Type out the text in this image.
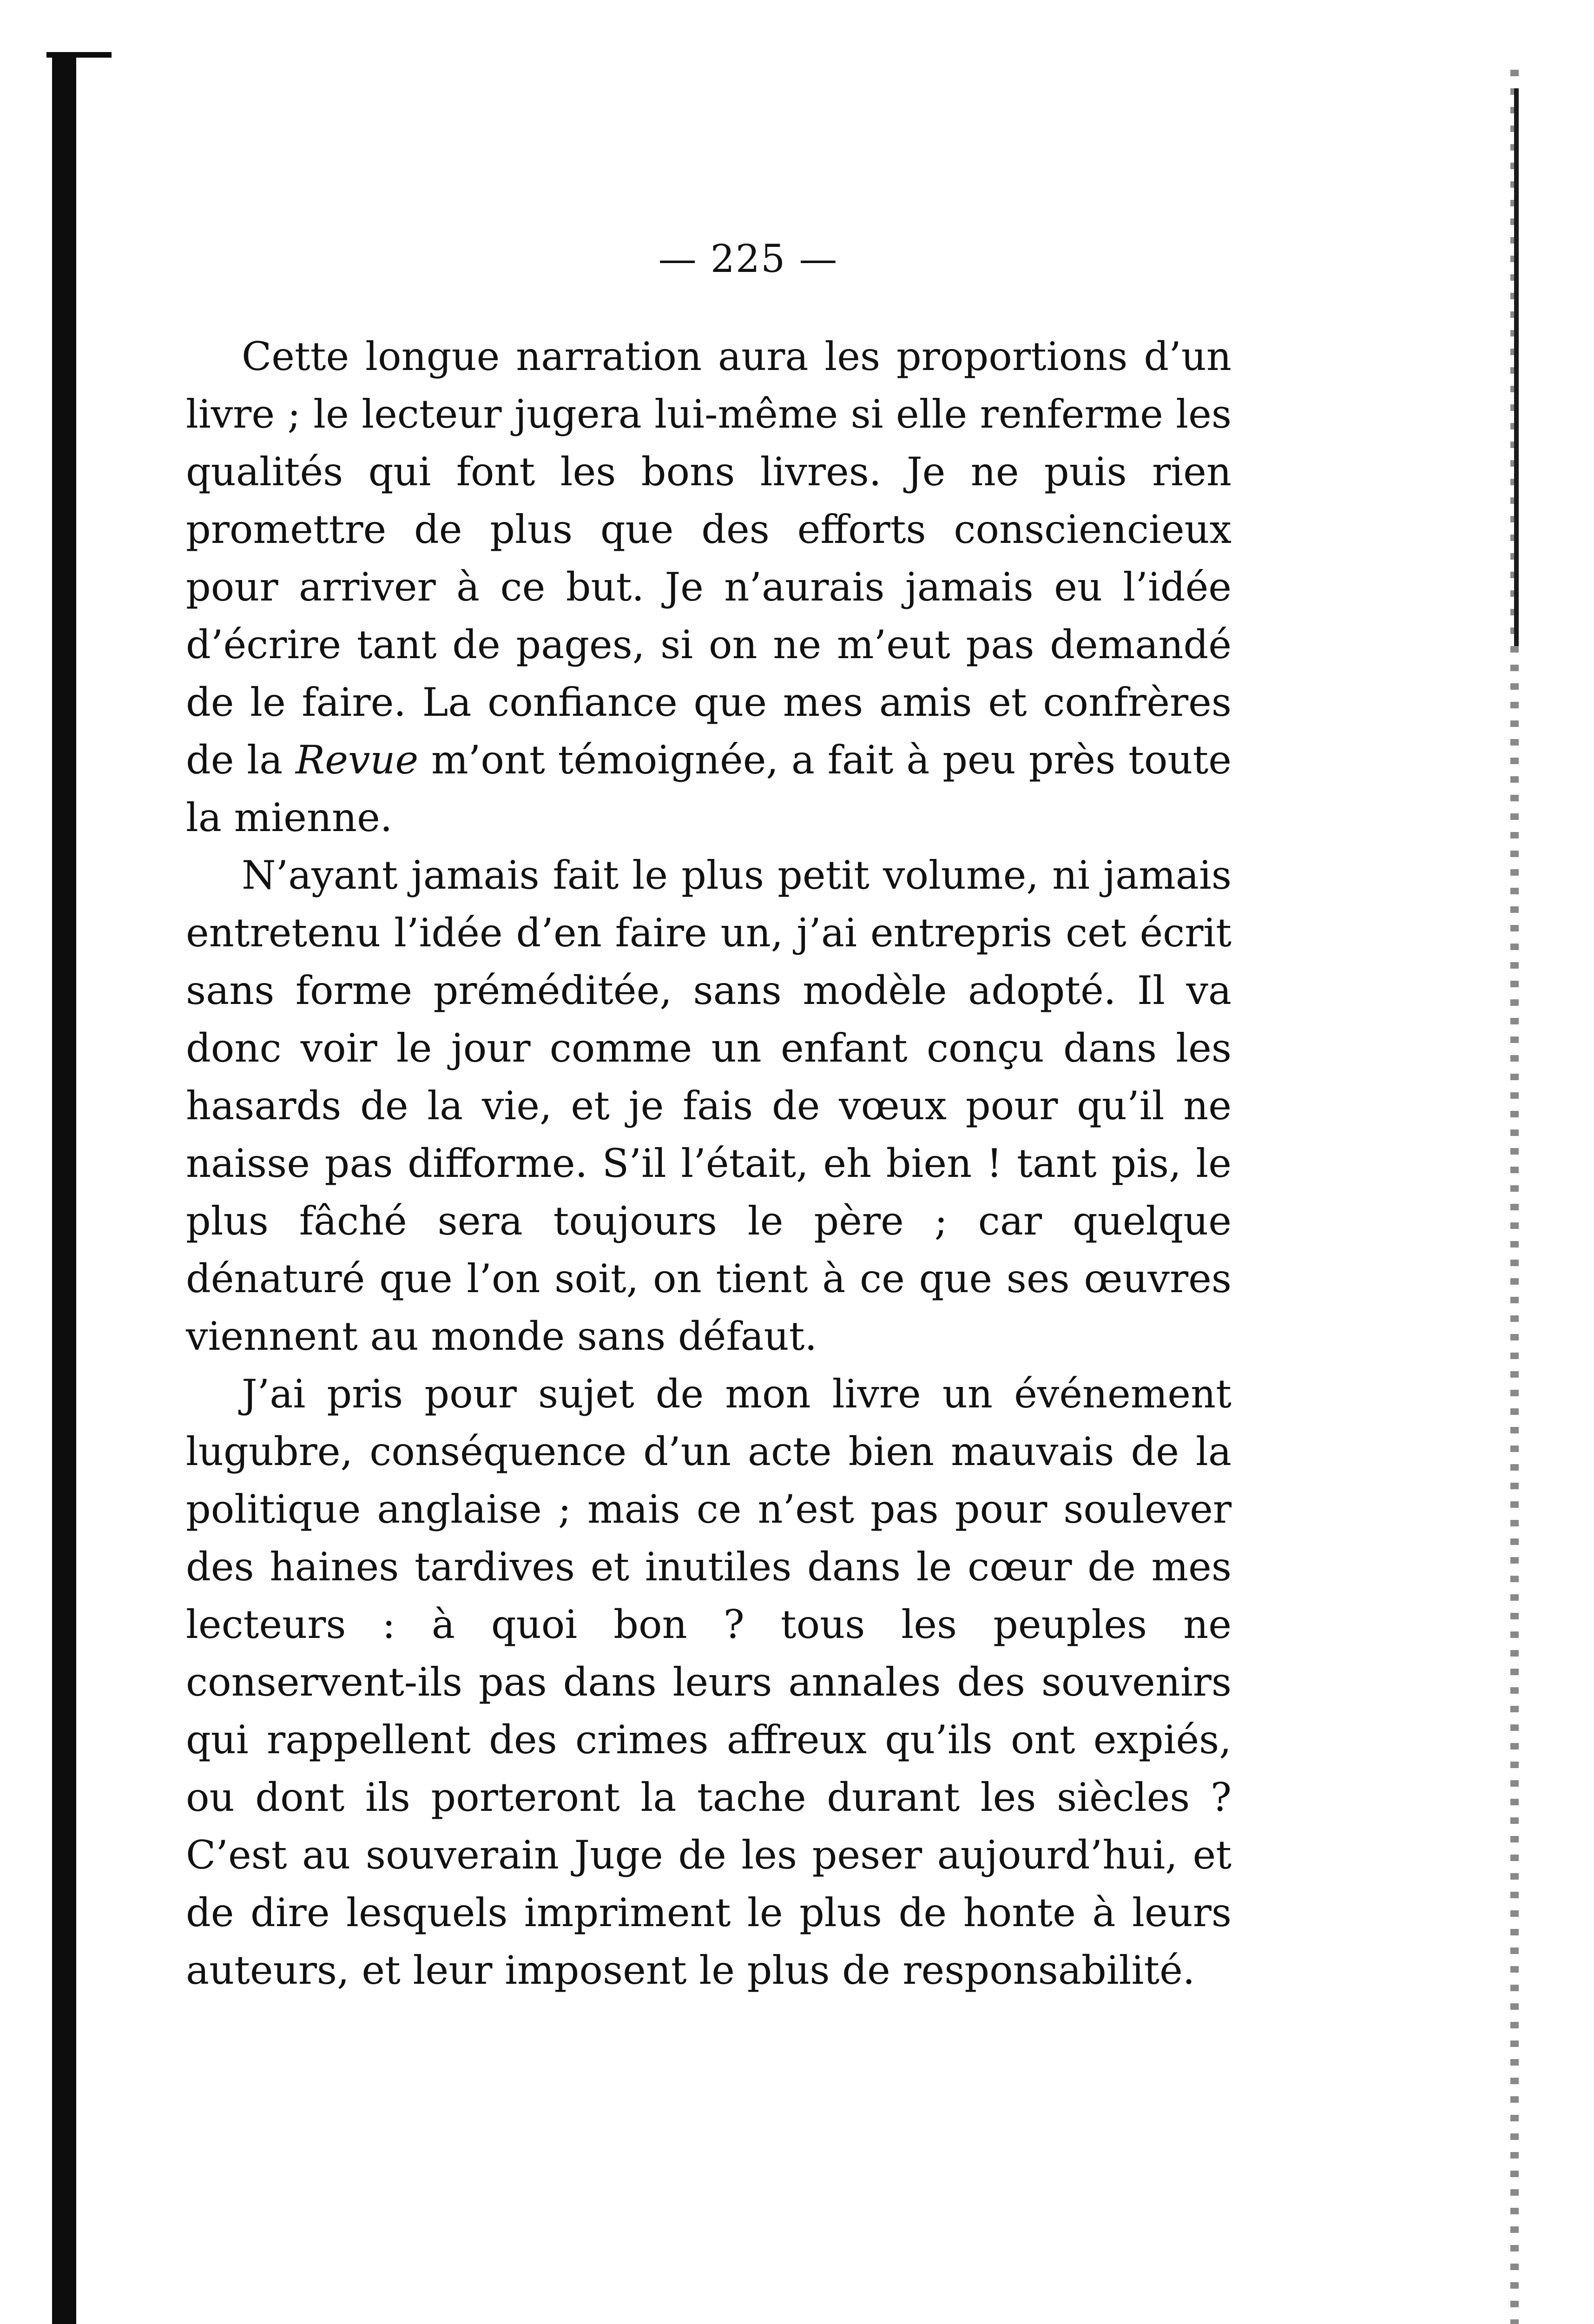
— 225 —

Cette longue narration aura les proportions d’un livre ; le lecteur jugera lui-même si elle renferme les qualités qui font les bons livres. Je ne puis rien promettre de plus que des efforts consciencieux pour arriver à ce but. Je n’aurais jamais eu l’idée d’écrire tant de pages, si on ne m’eut pas demandé de le faire. La confiance que mes amis et confrères de la Revue m’ont témoignée, a fait à peu près toute la mienne.

N’ayant jamais fait le plus petit volume, ni jamais entretenu l’idée d’en faire un, j’ai entrepris cet écrit sans forme préméditée, sans modèle adopté. Il va donc voir le jour comme un enfant conçu dans les hasards de la vie, et je fais de vœux pour qu’il ne naisse pas difforme. S’il l’était, eh bien ! tant pis, le plus fâché sera toujours le père ; car quelque dénaturé que l’on soit, on tient à ce que ses œuvres viennent au monde sans défaut.

J’ai pris pour sujet de mon livre un événement lugubre, conséquence d’un acte bien mauvais de la politique anglaise ; mais ce n’est pas pour soulever des haines tardives et inutiles dans le cœur de mes lecteurs : à quoi bon ? tous les peuples ne conservent-ils pas dans leurs annales des souvenirs qui rappellent des crimes affreux qu’ils ont expiés, ou dont ils porteront la tache durant les siècles ? C’est au souverain Juge de les peser aujourd’hui, et de dire lesquels impriment le plus de honte à leurs auteurs, et leur imposent le plus de responsabilité.
